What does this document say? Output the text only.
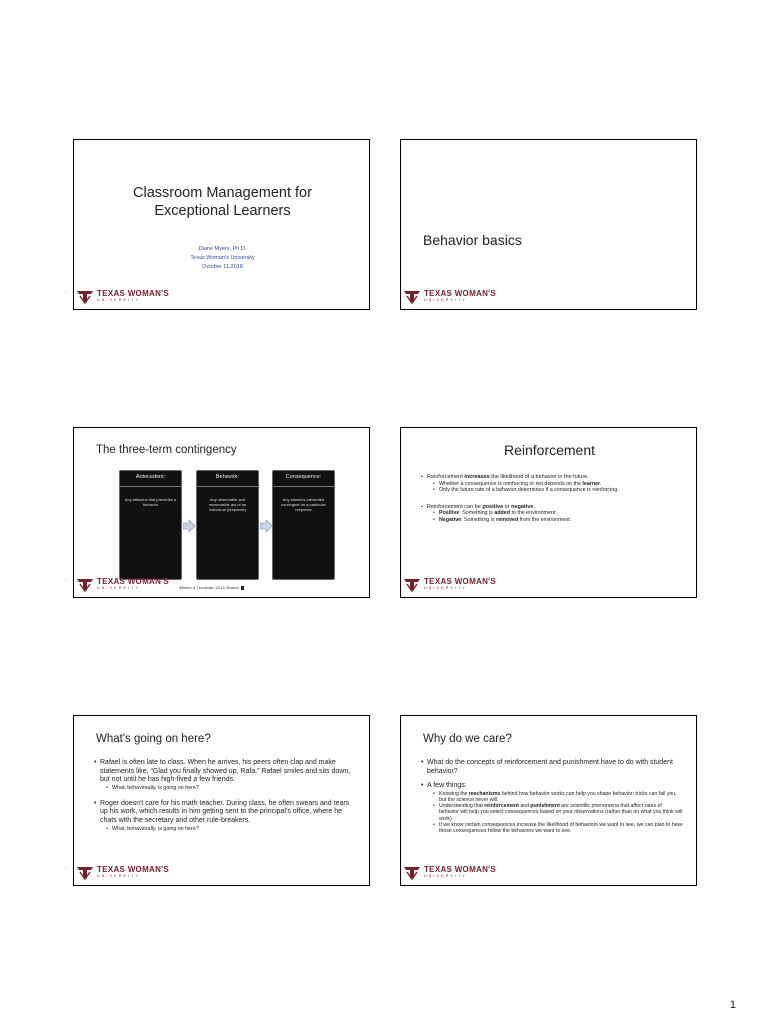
Classroom Management for
Exceptional Learners
Diane Myers, Ph.D.
Texas Woman's University
October 11,2018
TEXAS WOMAN'S
UNIVERSITY
Behavior basics
TEXAS WOMAN'S
UNIVERSITY
The three-term contingency
Antecedent:
Any stimulus that precedes a behavior
Behavior:
Any observable and measurable act of an individual (response)
Consequence:
Any stimulus presented contingent on a particular response
Alberto & Troutman, 2013; Brandt
TEXAS WOMAN'S
UNIVERSITY
Reinforcement
• Reinforcement increases the likelihood of a behavior in the future.
• Whether a consequence is reinforcing or not depends on the learner.
• Only the future rate of a behavior determines if a consequence is reinforcing.
• Reinforcement can be positive or negative.
• Positive: Something is added to the environment.
• Negative: Something is removed from the environment.
TEXAS WOMAN'S
UNIVERSITY
What's going on here?
• Rafael is often late to class. When he arrives, his peers often clap and make statements like, “Glad you finally showed up, Rafa.” Rafael smiles and sits down, but not until he has high-fived a few friends.
• What, behaviorally, is going on here?
• Roger doesn't care for his math teacher. During class, he often swears and tears up his work, which results in him getting sent to the principal's office, where he chats with the secretary and other rule-breakers.
• What, behaviorally, is going on here?
TEXAS WOMAN'S
UNIVERSITY
Why do we care?
• What do the concepts of reinforcement and punishment have to do with student behavior?
• A few things:
• Knowing the mechanisms behind how behavior works can help you shape behavior: tricks can fail you, but the science never will.
• Understanding that reinforcement and punishment are scientific phenomena that affect rates of behavior will help you select consequences based on your observations (rather than on what you think will work).
• If we know certain consequences increase the likelihood of behaviors we want to see, we can plan to have those consequences follow the behaviors we want to see.
TEXAS WOMAN'S
UNIVERSITY
1
